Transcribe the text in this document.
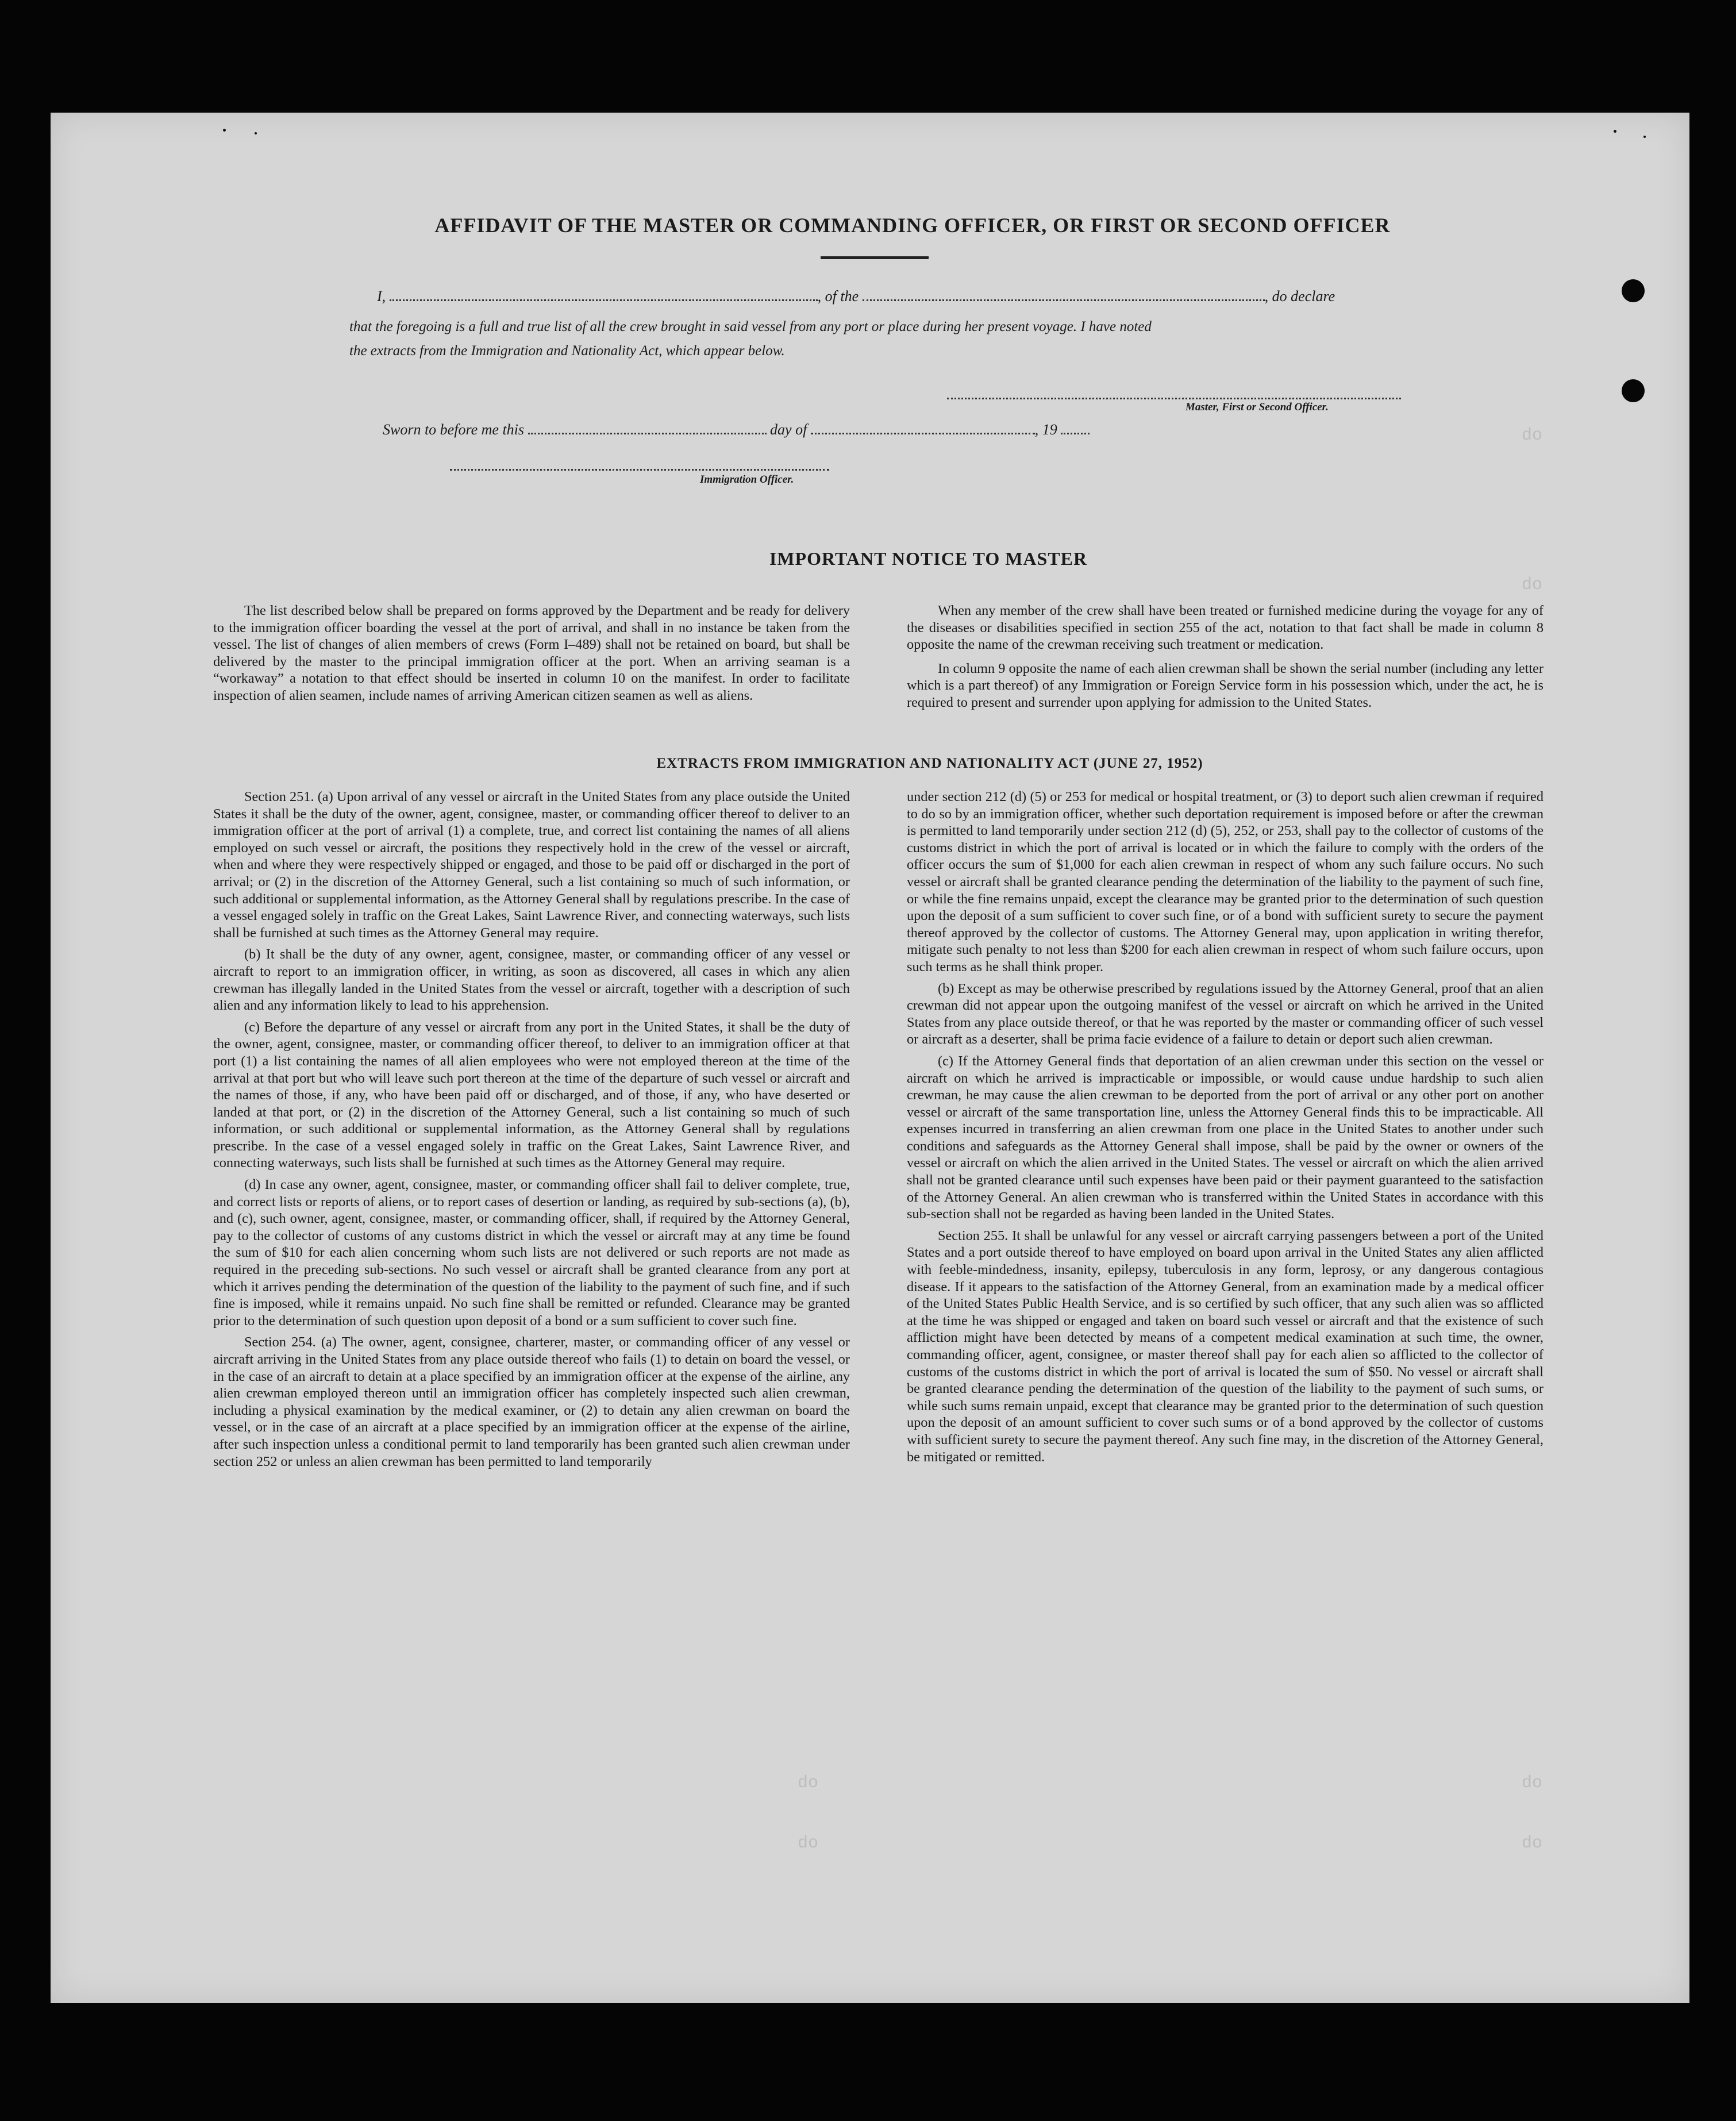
do
do
do
do
do
do
AFFIDAVIT OF THE MASTER OR COMMANDING OFFICER, OR FIRST OR SECOND OFFICER
I,	, of the	, do declare
that the foregoing is a full and true list of all the crew brought in said vessel from any port or place during her present voyage. I have noted
the extracts from the Immigration and Nationality Act, which appear below.
Master, First or Second Officer.
Sworn to before me this	day of	, 19
Immigration Officer.
IMPORTANT NOTICE TO MASTER

The list described below shall be prepared on forms approved by the Department and be ready for delivery to the immigration officer boarding the vessel at the port of arrival, and shall in no instance be taken from the vessel. The list of changes of alien members of crews (Form I–489) shall not be retained on board, but shall be delivered by the master to the principal immigration officer at the port. When an arriving seaman is a “workaway” a notation to that effect should be inserted in column 10 on the manifest. In order to facilitate inspection of alien seamen, include names of arriving American citizen seamen as well as aliens.

When any member of the crew shall have been treated or furnished medicine during the voyage for any of the diseases or disabilities specified in section 255 of the act, notation to that fact shall be made in column 8 opposite the name of the crewman receiving such treatment or medication.

In column 9 opposite the name of each alien crewman shall be shown the serial number (including any letter which is a part thereof) of any Immigration or Foreign Service form in his possession which, under the act, he is required to present and surrender upon applying for admission to the United States.

EXTRACTS FROM IMMIGRATION AND NATIONALITY ACT (JUNE 27, 1952)

Section 251. (a) Upon arrival of any vessel or aircraft in the United States from any place outside the United States it shall be the duty of the owner, agent, consignee, master, or commanding officer thereof to deliver to an immigration officer at the port of arrival (1) a complete, true, and correct list containing the names of all aliens employed on such vessel or aircraft, the positions they respectively hold in the crew of the vessel or aircraft, when and where they were respectively shipped or engaged, and those to be paid off or discharged in the port of arrival; or (2) in the discretion of the Attorney General, such a list containing so much of such information, or such additional or supplemental information, as the Attorney General shall by regulations prescribe. In the case of a vessel engaged solely in traffic on the Great Lakes, Saint Lawrence River, and connecting waterways, such lists shall be furnished at such times as the Attorney General may require.

(b) It shall be the duty of any owner, agent, consignee, master, or commanding officer of any vessel or aircraft to report to an immigration officer, in writing, as soon as discovered, all cases in which any alien crewman has illegally landed in the United States from the vessel or aircraft, together with a description of such alien and any information likely to lead to his apprehension.

(c) Before the departure of any vessel or aircraft from any port in the United States, it shall be the duty of the owner, agent, consignee, master, or commanding officer thereof, to deliver to an immigration officer at that port (1) a list containing the names of all alien employees who were not employed thereon at the time of the arrival at that port but who will leave such port thereon at the time of the departure of such vessel or aircraft and the names of those, if any, who have been paid off or discharged, and of those, if any, who have deserted or landed at that port, or (2) in the discretion of the Attorney General, such a list containing so much of such information, or such additional or supplemental information, as the Attorney General shall by regulations prescribe. In the case of a vessel engaged solely in traffic on the Great Lakes, Saint Lawrence River, and connecting waterways, such lists shall be furnished at such times as the Attorney General may require.

(d) In case any owner, agent, consignee, master, or commanding officer shall fail to deliver complete, true, and correct lists or reports of aliens, or to report cases of desertion or landing, as required by sub-sections (a), (b), and (c), such owner, agent, consignee, master, or commanding officer, shall, if required by the Attorney General, pay to the collector of customs of any customs district in which the vessel or aircraft may at any time be found the sum of $10 for each alien concerning whom such lists are not delivered or such reports are not made as required in the preceding sub-sections. No such vessel or aircraft shall be granted clearance from any port at which it arrives pending the determination of the question of the liability to the payment of such fine, and if such fine is imposed, while it remains unpaid. No such fine shall be remitted or refunded. Clearance may be granted prior to the determination of such question upon deposit of a bond or a sum sufficient to cover such fine.

Section 254. (a) The owner, agent, consignee, charterer, master, or commanding officer of any vessel or aircraft arriving in the United States from any place outside thereof who fails (1) to detain on board the vessel, or in the case of an aircraft to detain at a place specified by an immigration officer at the expense of the airline, any alien crewman employed thereon until an immigration officer has completely inspected such alien crewman, including a physical examination by the medical examiner, or (2) to detain any alien crewman on board the vessel, or in the case of an aircraft at a place specified by an immigration officer at the expense of the airline, after such inspection unless a conditional permit to land temporarily has been granted such alien crewman under section 252 or unless an alien crewman has been permitted to land temporarily

under section 212 (d) (5) or 253 for medical or hospital treatment, or (3) to deport such alien crewman if required to do so by an immigration officer, whether such deportation requirement is imposed before or after the crewman is permitted to land temporarily under section 212 (d) (5), 252, or 253, shall pay to the collector of customs of the customs district in which the port of arrival is located or in which the failure to comply with the orders of the officer occurs the sum of $1,000 for each alien crewman in respect of whom any such failure occurs. No such vessel or aircraft shall be granted clearance pending the determination of the liability to the payment of such fine, or while the fine remains unpaid, except the clearance may be granted prior to the determination of such question upon the deposit of a sum sufficient to cover such fine, or of a bond with sufficient surety to secure the payment thereof approved by the collector of customs. The Attorney General may, upon application in writing therefor, mitigate such penalty to not less than $200 for each alien crewman in respect of whom such failure occurs, upon such terms as he shall think proper.

(b) Except as may be otherwise prescribed by regulations issued by the Attorney General, proof that an alien crewman did not appear upon the outgoing manifest of the vessel or aircraft on which he arrived in the United States from any place outside thereof, or that he was reported by the master or commanding officer of such vessel or aircraft as a deserter, shall be prima facie evidence of a failure to detain or deport such alien crewman.

(c) If the Attorney General finds that deportation of an alien crewman under this section on the vessel or aircraft on which he arrived is impracticable or impossible, or would cause undue hardship to such alien crewman, he may cause the alien crewman to be deported from the port of arrival or any other port on another vessel or aircraft of the same transportation line, unless the Attorney General finds this to be impracticable. All expenses incurred in transferring an alien crewman from one place in the United States to another under such conditions and safeguards as the Attorney General shall impose, shall be paid by the owner or owners of the vessel or aircraft on which the alien arrived in the United States. The vessel or aircraft on which the alien arrived shall not be granted clearance until such expenses have been paid or their payment guaranteed to the satisfaction of the Attorney General. An alien crewman who is transferred within the United States in accordance with this sub-section shall not be regarded as having been landed in the United States.

Section 255. It shall be unlawful for any vessel or aircraft carrying passengers between a port of the United States and a port outside thereof to have employed on board upon arrival in the United States any alien afflicted with feeble-mindedness, insanity, epilepsy, tuberculosis in any form, leprosy, or any dangerous contagious disease. If it appears to the satisfaction of the Attorney General, from an examination made by a medical officer of the United States Public Health Service, and is so certified by such officer, that any such alien was so afflicted at the time he was shipped or engaged and taken on board such vessel or aircraft and that the existence of such affliction might have been detected by means of a competent medical examination at such time, the owner, commanding officer, agent, consignee, or master thereof shall pay for each alien so afflicted to the collector of customs of the customs district in which the port of arrival is located the sum of $50. No vessel or aircraft shall be granted clearance pending the determination of the question of the liability to the payment of such sums, or while such sums remain unpaid, except that clearance may be granted prior to the determination of such question upon the deposit of an amount sufficient to cover such sums or of a bond approved by the collector of customs with sufficient surety to secure the payment thereof. Any such fine may, in the discretion of the Attorney General, be mitigated or remitted.
